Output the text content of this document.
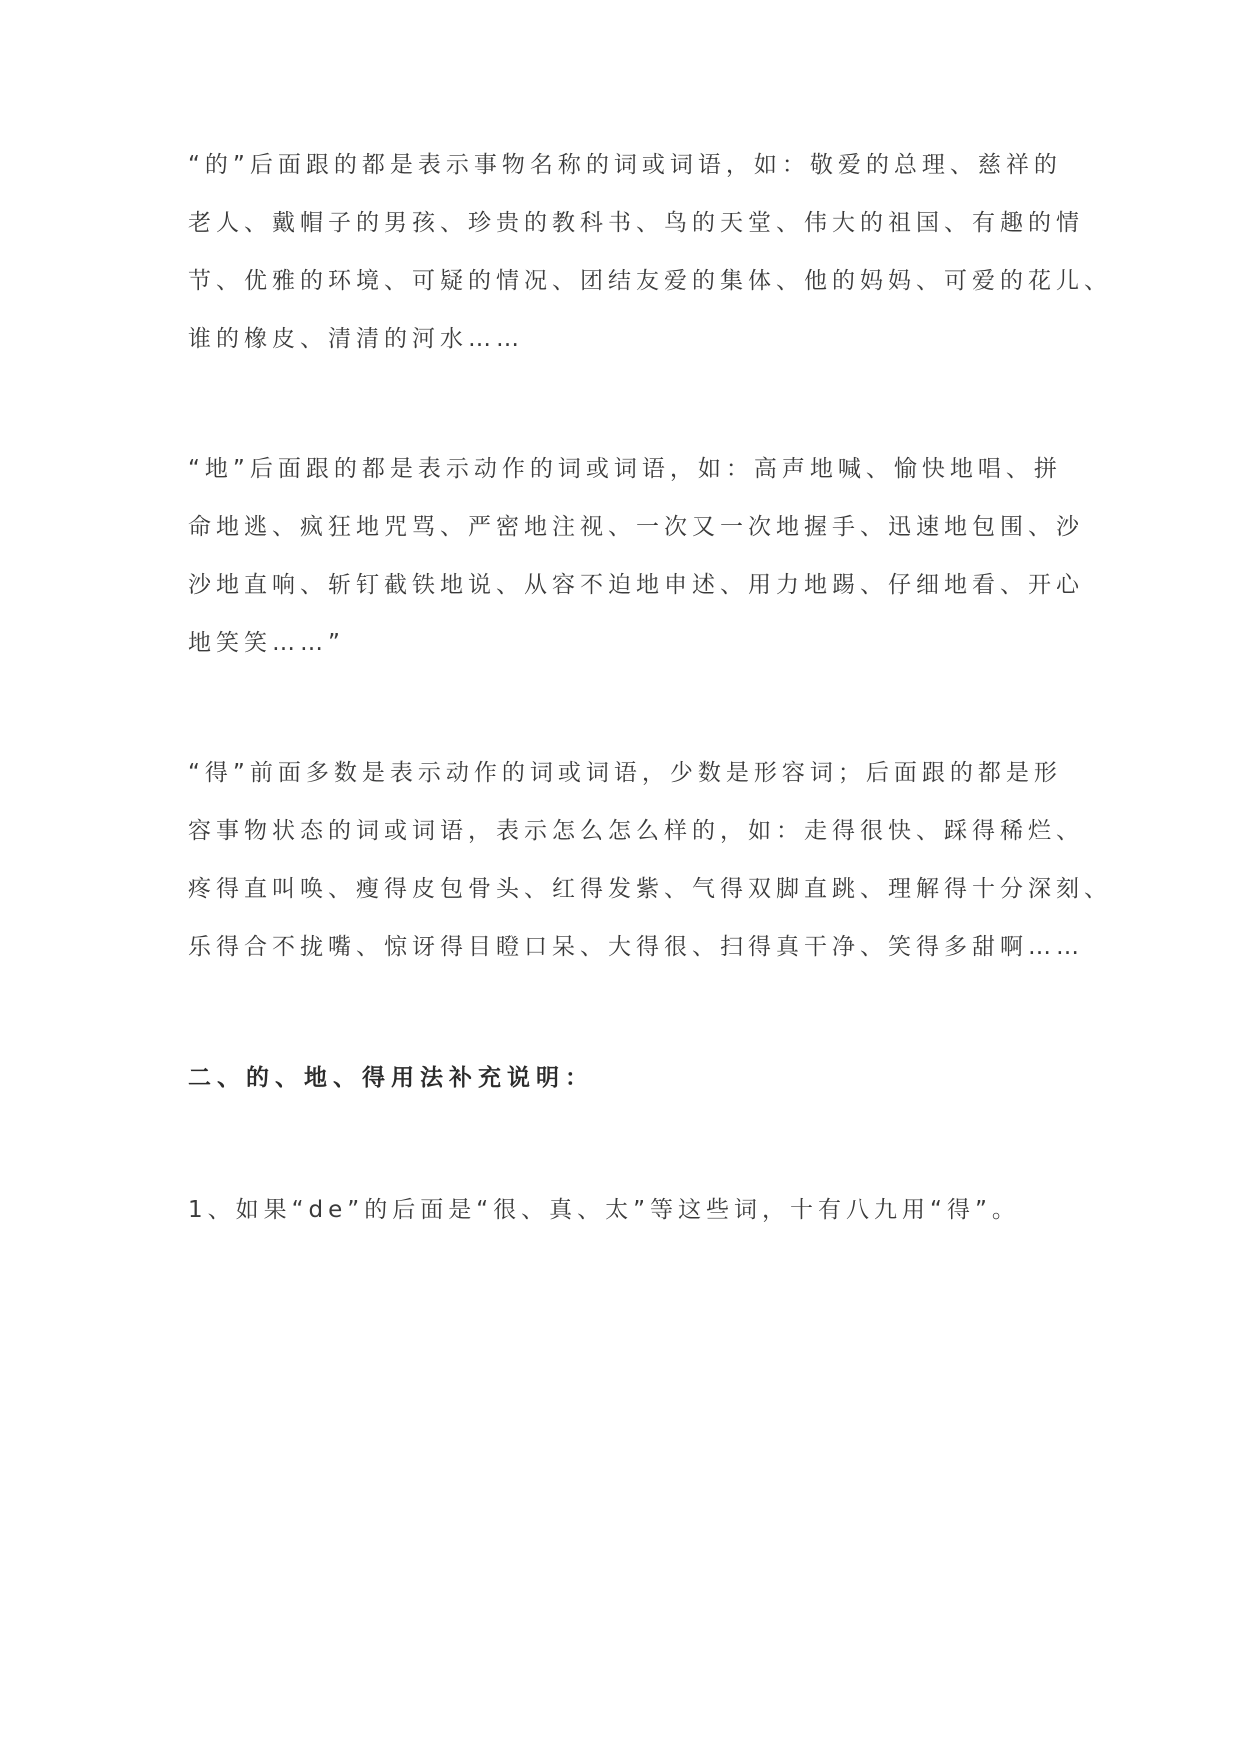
“的”后面跟的都是表示事物名称的词或词语，如：敬爱的总理、慈祥的

老人、戴帽子的男孩、珍贵的教科书、鸟的天堂、伟大的祖国、有趣的情

节、优雅的环境、可疑的情况、团结友爱的集体、他的妈妈、可爱的花儿、

谁的橡皮、清清的河水……

“地”后面跟的都是表示动作的词或词语，如：高声地喊、愉快地唱、拼

命地逃、疯狂地咒骂、严密地注视、一次又一次地握手、迅速地包围、沙

沙地直响、斩钉截铁地说、从容不迫地申述、用力地踢、仔细地看、开心

地笑笑……”

“得”前面多数是表示动作的词或词语，少数是形容词；后面跟的都是形

容事物状态的词或词语，表示怎么怎么样的，如：走得很快、踩得稀烂、

疼得直叫唤、瘦得皮包骨头、红得发紫、气得双脚直跳、理解得十分深刻、

乐得合不拢嘴、惊讶得目瞪口呆、大得很、扫得真干净、笑得多甜啊……

二、的、地、得用法补充说明：

1、如果“de”的后面是“很、真、太”等这些词，十有八九用“得”。
